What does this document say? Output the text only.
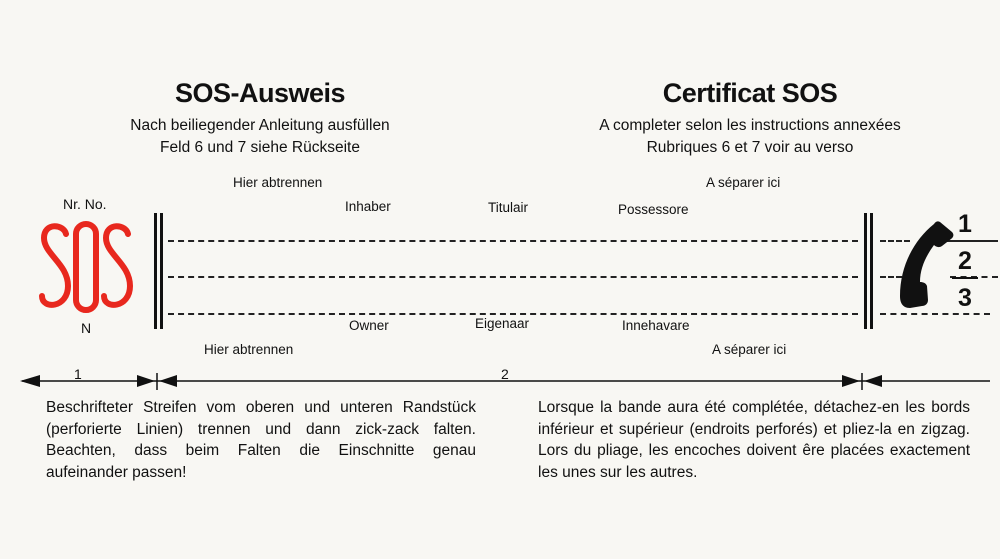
SOS-Ausweis
Nach beiliegender Anleitung ausfüllen
Feld 6 und 7 siehe Rückseite
Certificat SOS
A completer selon les instructions annexées
Rubriques 6 et 7 voir au verso
Hier abtrennen	A séparer ici
Inhaber	Titulair	Possessore
Nr. No.
N
1
2
3
Owner	Eigenaar	Innehavare
Hier abtrennen	A séparer ici
1	2
Beschrifteter Streifen vom oberen und unteren Randstück (perforierte Linien) trennen und dann zick-zack falten. Beachten, dass beim Falten die Einschnitte genau aufeinander passen!
Lorsque la bande aura été complétée, détachez-en les bords inférieur et supérieur (endroits perforés) et pliez-la en zigzag. Lors du pliage, les encoches doivent êre placées exactement les unes sur les autres.
